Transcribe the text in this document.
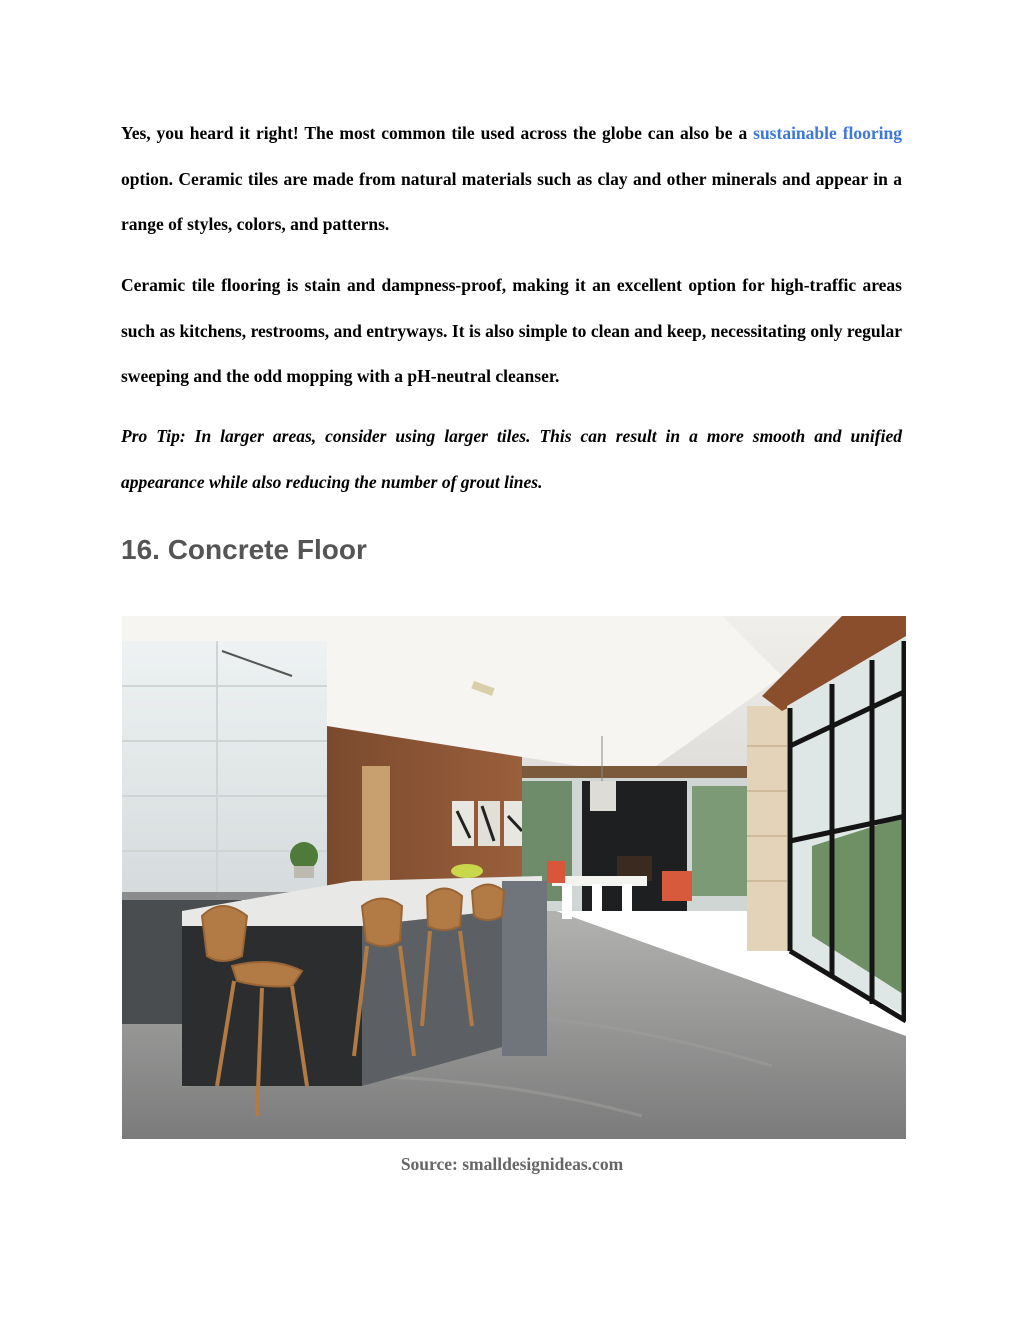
Yes, you heard it right! The most common tile used across the globe can also be a sustainable flooring option. Ceramic tiles are made from natural materials such as clay and other minerals and appear in a range of styles, colors, and patterns.

Ceramic tile flooring is stain and dampness-proof, making it an excellent option for high-traffic areas such as kitchens, restrooms, and entryways. It is also simple to clean and keep, necessitating only regular sweeping and the odd mopping with a pH-neutral cleanser.

Pro Tip: In larger areas, consider using larger tiles. This can result in a more smooth and unified appearance while also reducing the number of grout lines.

16. Concrete Floor

Source: smalldesignideas.com
